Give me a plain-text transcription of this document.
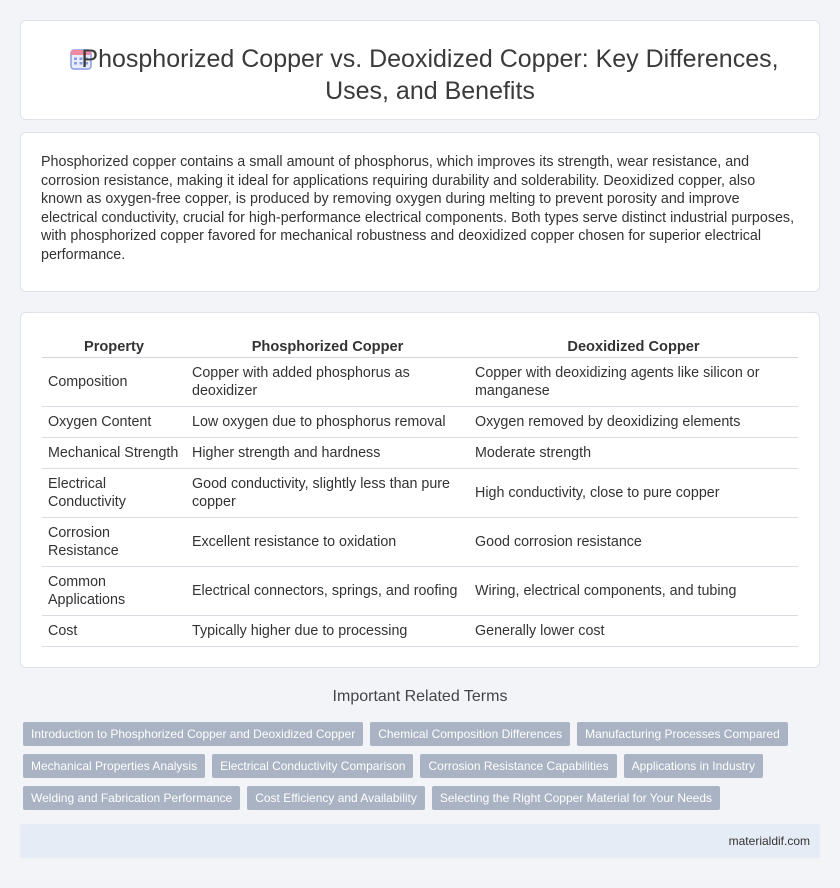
Phosphorized Copper vs. Deoxidized Copper: Key Differences, Uses, and Benefits

Phosphorized copper contains a small amount of phosphorus, which improves its strength, wear resistance, and corrosion resistance, making it ideal for applications requiring durability and solderability. Deoxidized copper, also known as oxygen-free copper, is produced by removing oxygen during melting to prevent porosity and improve electrical conductivity, crucial for high-performance electrical components. Both types serve distinct industrial purposes, with phosphorized copper favored for mechanical robustness and deoxidized copper chosen for superior electrical performance.

Property	Phosphorized Copper	Deoxidized Copper
Composition	Copper with added phosphorus as deoxidizer	Copper with deoxidizing agents like silicon or manganese
Oxygen Content	Low oxygen due to phosphorus removal	Oxygen removed by deoxidizing elements
Mechanical Strength	Higher strength and hardness	Moderate strength
Electrical Conductivity	Good conductivity, slightly less than pure copper	High conductivity, close to pure copper
Corrosion Resistance	Excellent resistance to oxidation	Good corrosion resistance
Common Applications	Electrical connectors, springs, and roofing	Wiring, electrical components, and tubing
Cost	Typically higher due to processing	Generally lower cost
Important Related Terms
Introduction to Phosphorized Copper and Deoxidized Copper	Chemical Composition Differences	Manufacturing Processes Compared
Mechanical Properties Analysis	Electrical Conductivity Comparison	Corrosion Resistance Capabilities	Applications in Industry
Welding and Fabrication Performance	Cost Efficiency and Availability	Selecting the Right Copper Material for Your Needs
materialdif.com
